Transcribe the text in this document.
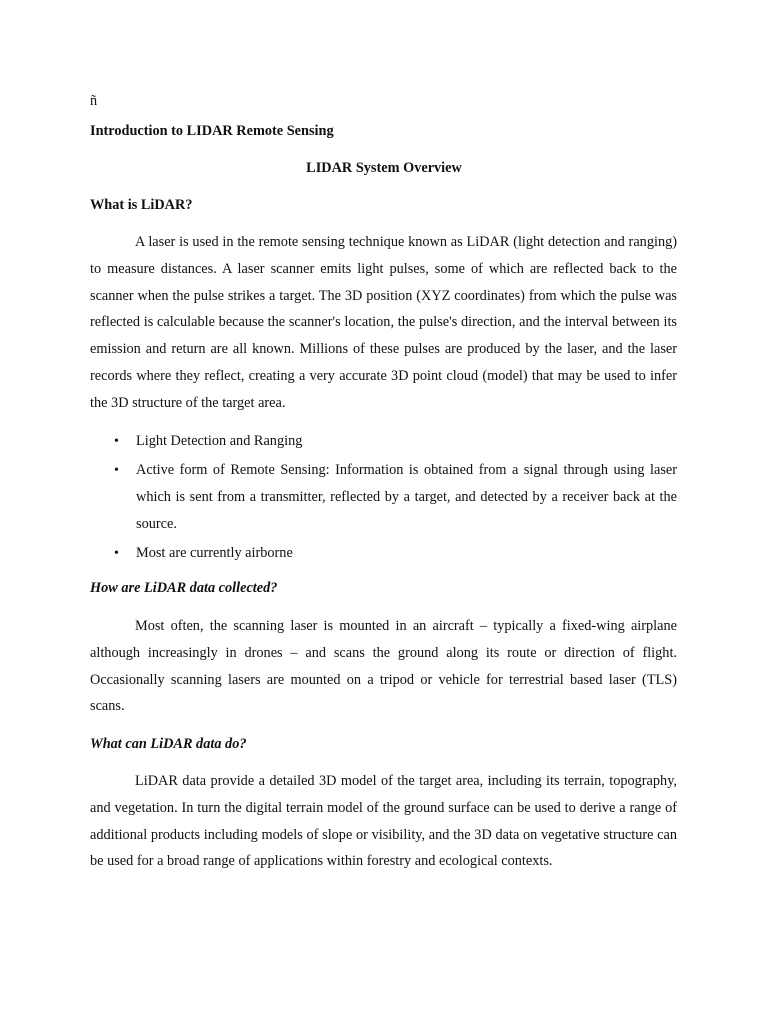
ñ

Introduction to LIDAR Remote Sensing

LIDAR System Overview

What is LiDAR?

A laser is used in the remote sensing technique known as LiDAR (light detection and ranging) to measure distances. A laser scanner emits light pulses, some of which are reflected back to the scanner when the pulse strikes a target. The 3D position (XYZ coordinates) from which the pulse was reflected is calculable because the scanner's location, the pulse's direction, and the interval between its emission and return are all known. Millions of these pulses are produced by the laser, and the laser records where they reflect, creating a very accurate 3D point cloud (model) that may be used to infer the 3D structure of the target area.

• Light Detection and Ranging
• Active form of Remote Sensing: Information is obtained from a signal through using laser which is sent from a transmitter, reflected by a target, and detected by a receiver back at the source.
• Most are currently airborne

How are LiDAR data collected?

Most often, the scanning laser is mounted in an aircraft – typically a fixed-wing airplane although increasingly in drones – and scans the ground along its route or direction of flight. Occasionally scanning lasers are mounted on a tripod or vehicle for terrestrial based laser (TLS) scans.

What can LiDAR data do?

LiDAR data provide a detailed 3D model of the target area, including its terrain, topography, and vegetation. In turn the digital terrain model of the ground surface can be used to derive a range of additional products including models of slope or visibility, and the 3D data on vegetative structure can be used for a broad range of applications within forestry and ecological contexts.
